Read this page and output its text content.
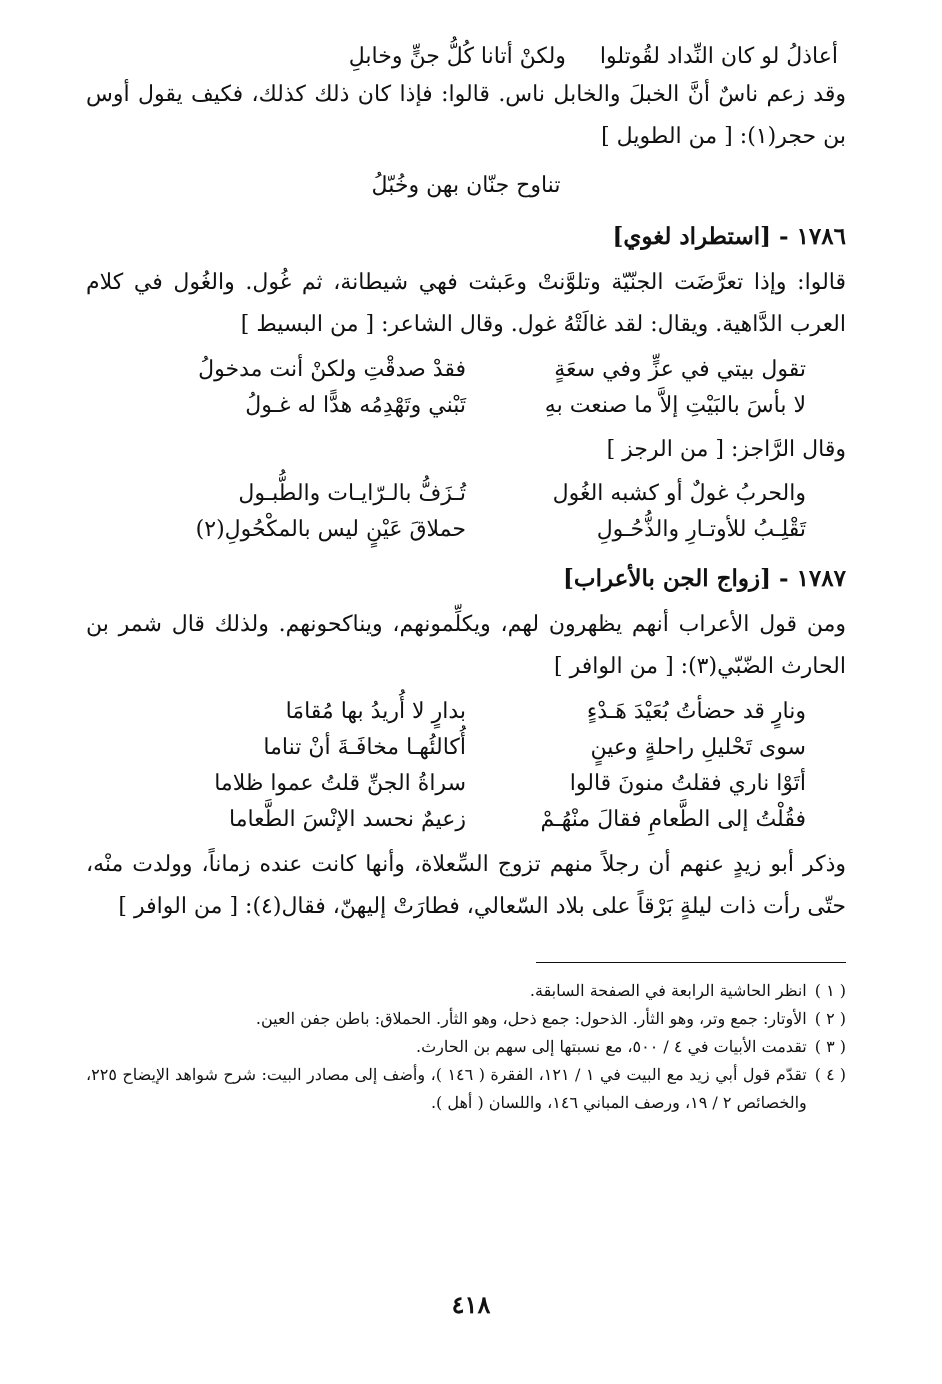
أعاذلُ لو كان النِّداد لقُوتلوا
ولكنْ أتانا كُلُّ جنٍّ وخابلِ

وقد زعم ناسٌ أنَّ الخبلَ والخابل ناس. قالوا: فإذا كان ذلك كذلك، فكيف يقول أوس بن حجر(١): [ من الطويل ]

تناوح جنّان بهن وخُبّلُ
١٧٨٦ - [استطراد لغوي]

قالوا: وإذا تعرَّضَت الجنّيّة وتلوَّنتْ وعَبثت فهي شيطانة، ثم غُول. والغُول في كلام العرب الدَّاهية. ويقال: لقد غالَتْهُ غول. وقال الشاعر: [ من البسيط ]

تقول بيتي في عزٍّ وفي سعَةٍ
فقدْ صدقْتِ ولكنْ أنت مدخولُ
لا بأسَ بالبَيْتِ إلاَّ ما صنعت بهِ
تَبْني وتَهْدِمُه هدًّا له غـولُ
وقال الرَّاجز: [ من الرجز ]
والحربُ غولٌ أو كشبه الغُول
تُـزَفُّ بالـرّايـات والطُّبـول
تَقْلِـبُ للأوتـارِ والذُّحُـولِ
حملاقَ عَيْنٍ ليس بالمكْحُولِ(٢)
١٧٨٧ - [زواج الجن بالأعراب]

ومن قول الأعراب أنهم يظهرون لهم، ويكلِّمونهم، ويناكحونهم. ولذلك قال شمر بن الحارث الضّبّي(٣): [ من الوافر ]

ونارٍ قد حضأتُ بُعَيْدَ هَـدْءٍ
بدارٍ لا أُريدُ بها مُقامَا
سوى تَحْليلِ راحلةٍ وعينٍ
أُكالئُهـا مخافَـةَ أنْ تناما
أتَوْا ناري فقلتُ منونَ قالوا
سراةُ الجنِّ قلتُ عموا ظلاما
فقُلْتُ إلى الطَّعامِ فقالَ منْهُـمْ
زعيمٌ نحسد الإنْسَ الطَّعاما

وذكر أبو زيدٍ عنهم أن رجلاً منهم تزوج السِّعلاة، وأنها كانت عنده زماناً، وولدت منْه، حتّى رأت ذات ليلةٍ بَرْقاً على بلاد السّعالي، فطارَتْ إليهنّ، فقال(٤): [ من الوافر ]

( ١ )
انظر الحاشية الرابعة في الصفحة السابقة.
( ٢ )
الأوتار: جمع وتر، وهو الثأر. الذحول: جمع ذحل، وهو الثأر. الحملاق: باطن جفن العين.
( ٣ )
تقدمت الأبيات في ٤ / ٥٠٠، مع نسبتها إلى سهم بن الحارث.
( ٤ )
تقدّم قول أبي زيد مع البيت في ١ / ١٢١، الفقرة ( ١٤٦ )، وأضف إلى مصادر البيت: شرح شواهد الإيضاح ٢٢٥، والخصائص ٢ / ١٩، ورصف المباني ١٤٦، واللسان ( أهل ).
٤١٨
